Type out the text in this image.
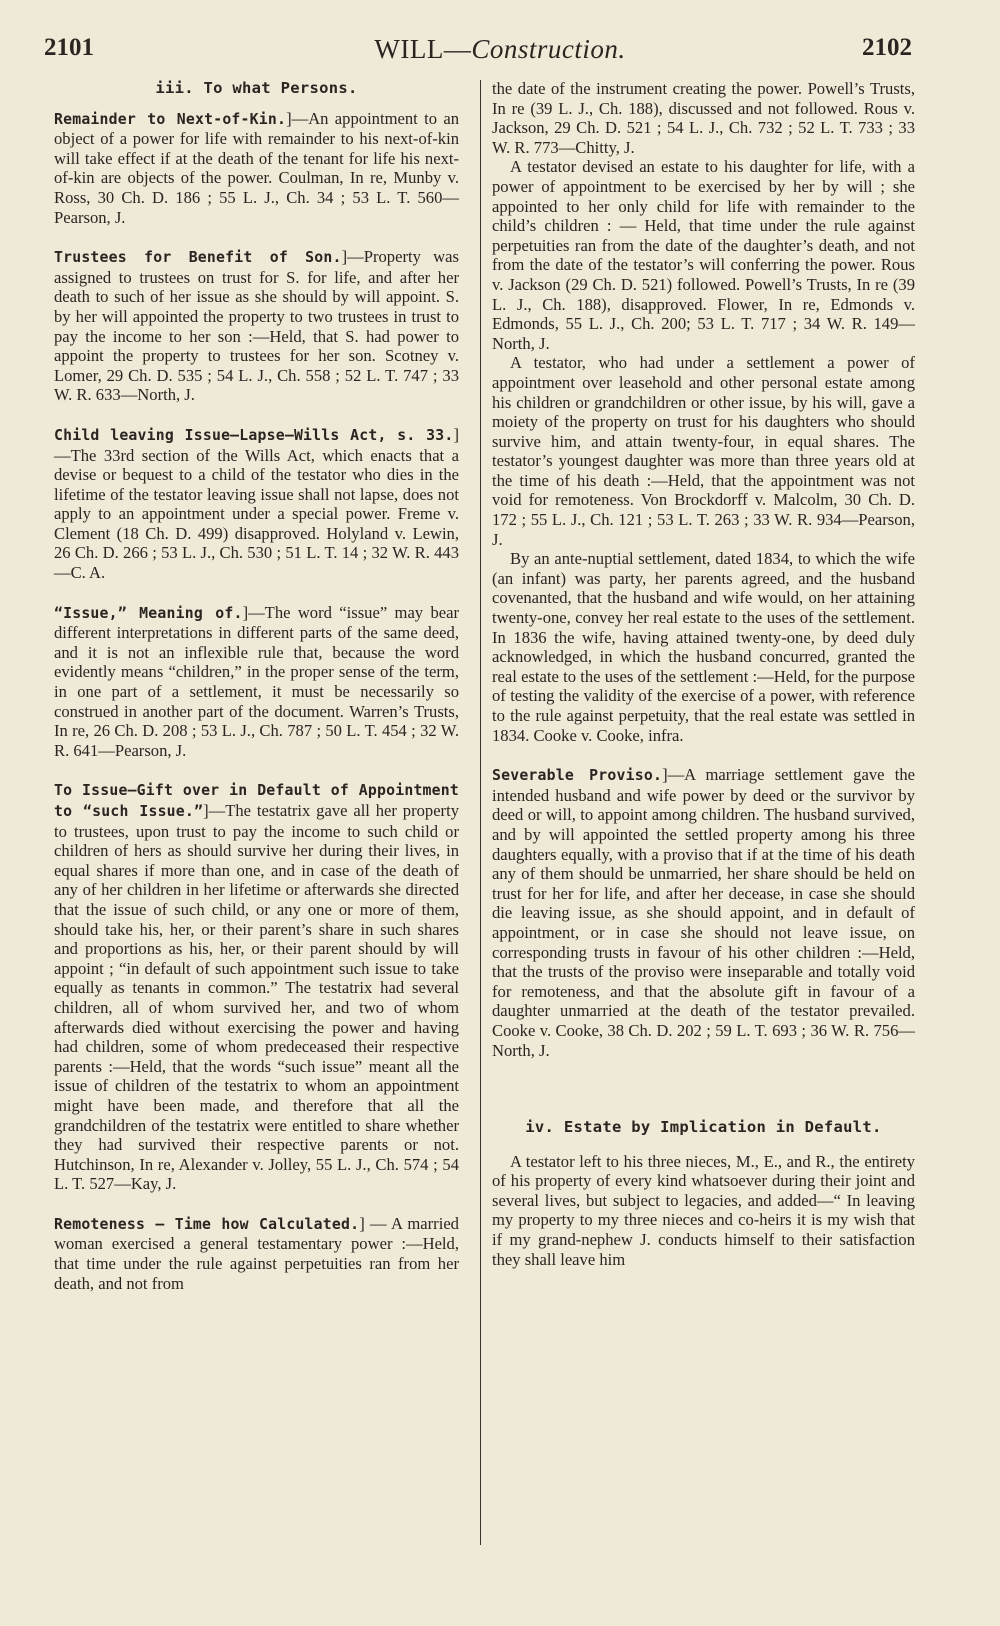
2101	WILL—Construction.	2102

iii. To what Persons.

Remainder to Next-of-Kin.]—An appointment to an object of a power for life with remainder to his next-of-kin will take effect if at the death of the tenant for life his next-of-kin are objects of the power. Coulman, In re, Munby v. Ross, 30 Ch. D. 186 ; 55 L. J., Ch. 34 ; 53 L. T. 560—Pearson, J.

Trustees for Benefit of Son.]—Property was assigned to trustees on trust for S. for life, and after her death to such of her issue as she should by will appoint. S. by her will appointed the property to two trustees in trust to pay the income to her son :—Held, that S. had power to appoint the property to trustees for her son. Scotney v. Lomer, 29 Ch. D. 535 ; 54 L. J., Ch. 558 ; 52 L. T. 747 ; 33 W. R. 633—North, J.

Child leaving Issue—Lapse—Wills Act, s. 33.] —The 33rd section of the Wills Act, which enacts that a devise or bequest to a child of the testator who dies in the lifetime of the testator leaving issue shall not lapse, does not apply to an appointment under a special power. Freme v. Clement (18 Ch. D. 499) disapproved. Holyland v. Lewin, 26 Ch. D. 266 ; 53 L. J., Ch. 530 ; 51 L. T. 14 ; 32 W. R. 443—C. A.

“Issue,” Meaning of.]—The word “issue” may bear different interpretations in different parts of the same deed, and it is not an inflexible rule that, because the word evidently means “children,” in the proper sense of the term, in one part of a settlement, it must be necessarily so construed in another part of the document. Warren’s Trusts, In re, 26 Ch. D. 208 ; 53 L. J., Ch. 787 ; 50 L. T. 454 ; 32 W. R. 641—Pearson, J.

To Issue—Gift over in Default of Appointment to “such Issue.”]—The testatrix gave all her property to trustees, upon trust to pay the income to such child or children of hers as should survive her during their lives, in equal shares if more than one, and in case of the death of any of her children in her lifetime or afterwards she directed that the issue of such child, or any one or more of them, should take his, her, or their parent’s share in such shares and proportions as his, her, or their parent should by will appoint ; “in default of such appointment such issue to take equally as tenants in common.” The testatrix had several children, all of whom survived her, and two of whom afterwards died without exercising the power and having had children, some of whom predeceased their respective parents :—Held, that the words “such issue” meant all the issue of children of the testatrix to whom an appointment might have been made, and therefore that all the grandchildren of the testatrix were entitled to share whether they had survived their respective parents or not. Hutchinson, In re, Alexander v. Jolley, 55 L. J., Ch. 574 ; 54 L. T. 527—Kay, J.

Remoteness — Time how Calculated.] — A married woman exercised a general testamentary power :—Held, that time under the rule against perpetuities ran from her death, and not from

the date of the instrument creating the power. Powell’s Trusts, In re (39 L. J., Ch. 188), discussed and not followed. Rous v. Jackson, 29 Ch. D. 521 ; 54 L. J., Ch. 732 ; 52 L. T. 733 ; 33 W. R. 773—Chitty, J.

A testator devised an estate to his daughter for life, with a power of appointment to be exercised by her by will ; she appointed to her only child for life with remainder to the child’s children : — Held, that time under the rule against perpetuities ran from the date of the daughter’s death, and not from the date of the testator’s will conferring the power. Rous v. Jackson (29 Ch. D. 521) followed. Powell’s Trusts, In re (39 L. J., Ch. 188), disapproved. Flower, In re, Edmonds v. Edmonds, 55 L. J., Ch. 200; 53 L. T. 717 ; 34 W. R. 149—North, J.

A testator, who had under a settlement a power of appointment over leasehold and other personal estate among his children or grandchildren or other issue, by his will, gave a moiety of the property on trust for his daughters who should survive him, and attain twenty-four, in equal shares. The testator’s youngest daughter was more than three years old at the time of his death :—Held, that the appointment was not void for remoteness. Von Brockdorff v. Malcolm, 30 Ch. D. 172 ; 55 L. J., Ch. 121 ; 53 L. T. 263 ; 33 W. R. 934—Pearson, J.

By an ante-nuptial settlement, dated 1834, to which the wife (an infant) was party, her parents agreed, and the husband covenanted, that the husband and wife would, on her attaining twenty-one, convey her real estate to the uses of the settlement. In 1836 the wife, having attained twenty-one, by deed duly acknowledged, in which the husband concurred, granted the real estate to the uses of the settlement :—Held, for the purpose of testing the validity of the exercise of a power, with reference to the rule against perpetuity, that the real estate was settled in 1834. Cooke v. Cooke, infra.

Severable Proviso.]—A marriage settlement gave the intended husband and wife power by deed or the survivor by deed or will, to appoint among children. The husband survived, and by will appointed the settled property among his three daughters equally, with a proviso that if at the time of his death any of them should be unmarried, her share should be held on trust for her for life, and after her decease, in case she should die leaving issue, as she should appoint, and in default of appointment, or in case she should not leave issue, on corresponding trusts in favour of his other children :—Held, that the trusts of the proviso were inseparable and totally void for remoteness, and that the absolute gift in favour of a daughter unmarried at the death of the testator prevailed. Cooke v. Cooke, 38 Ch. D. 202 ; 59 L. T. 693 ; 36 W. R. 756—North, J.

iv. Estate by Implication in Default.

A testator left to his three nieces, M., E., and R., the entirety of his property of every kind whatsoever during their joint and several lives, but subject to legacies, and added—“ In leaving my property to my three nieces and co-heirs it is my wish that if my grand-nephew J. conducts himself to their satisfaction they shall leave him
